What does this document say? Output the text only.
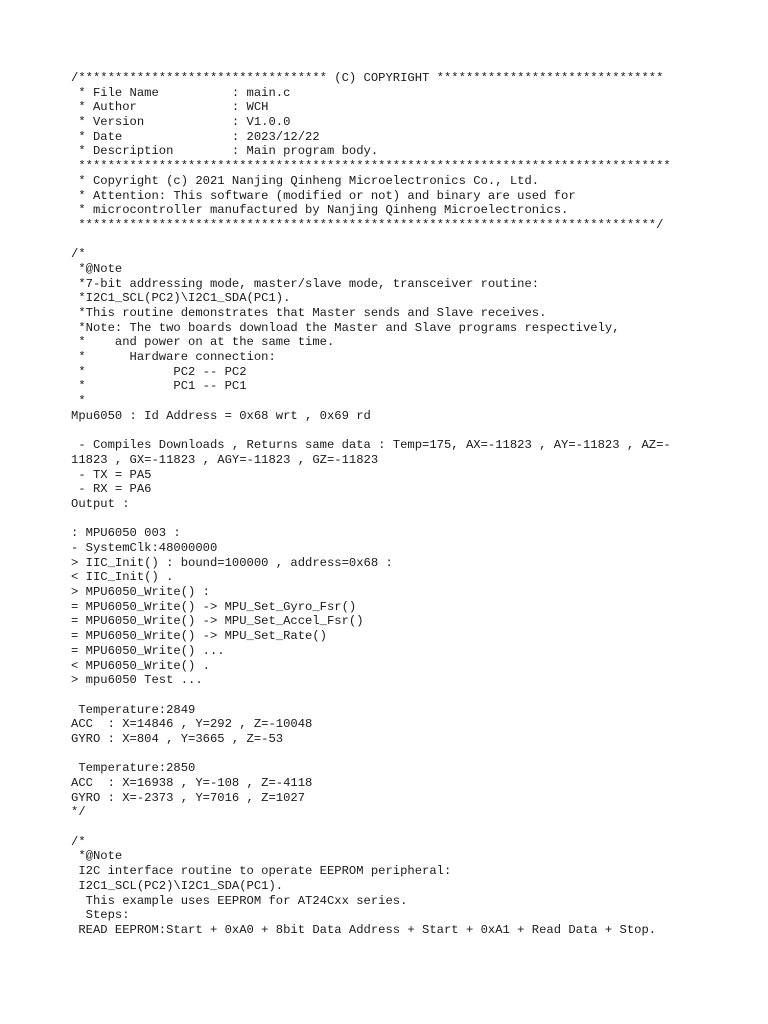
/********************************** (C) COPYRIGHT *******************************
* File Name          : main.c
* Author             : WCH
* Version            : V1.0.0
* Date               : 2023/12/22
* Description        : Main program body.
*********************************************************************************
* Copyright (c) 2021 Nanjing Qinheng Microelectronics Co., Ltd.
* Attention: This software (modified or not) and binary are used for
* microcontroller manufactured by Nanjing Qinheng Microelectronics.
*******************************************************************************/
/*
*@Note
*7-bit addressing mode, master/slave mode, transceiver routine:
*I2C1_SCL(PC2)\I2C1_SDA(PC1).
*This routine demonstrates that Master sends and Slave receives.
*Note: The two boards download the Master and Slave programs respectively,
*    and power on at the same time.
*      Hardware connection:
*            PC2 -- PC2
*            PC1 -- PC1
*
Mpu6050 : Id Address = 0x68 wrt , 0x69 rd
- Compiles Downloads , Returns same data : Temp=175, AX=-11823 , AY=-11823 , AZ=-
11823 , GX=-11823 , AGY=-11823 , GZ=-11823
- TX = PA5
- RX = PA6
Output :
: MPU6050 003 :
- SystemClk:48000000
> IIC_Init() : bound=100000 , address=0x68 :
< IIC_Init() .
> MPU6050_Write() :
= MPU6050_Write() -> MPU_Set_Gyro_Fsr()
= MPU6050_Write() -> MPU_Set_Accel_Fsr()
= MPU6050_Write() -> MPU_Set_Rate()
= MPU6050_Write() ...
< MPU6050_Write() .
> mpu6050 Test ...
Temperature:2849
ACC  : X=14846 , Y=292 , Z=-10048
GYRO : X=804 , Y=3665 , Z=-53
Temperature:2850
ACC  : X=16938 , Y=-108 , Z=-4118
GYRO : X=-2373 , Y=7016 , Z=1027
*/
/*
*@Note
I2C interface routine to operate EEPROM peripheral:
I2C1_SCL(PC2)\I2C1_SDA(PC1).
This example uses EEPROM for AT24Cxx series.
Steps:
READ EEPROM:Start + 0xA0 + 8bit Data Address + Start + 0xA1 + Read Data + Stop.
